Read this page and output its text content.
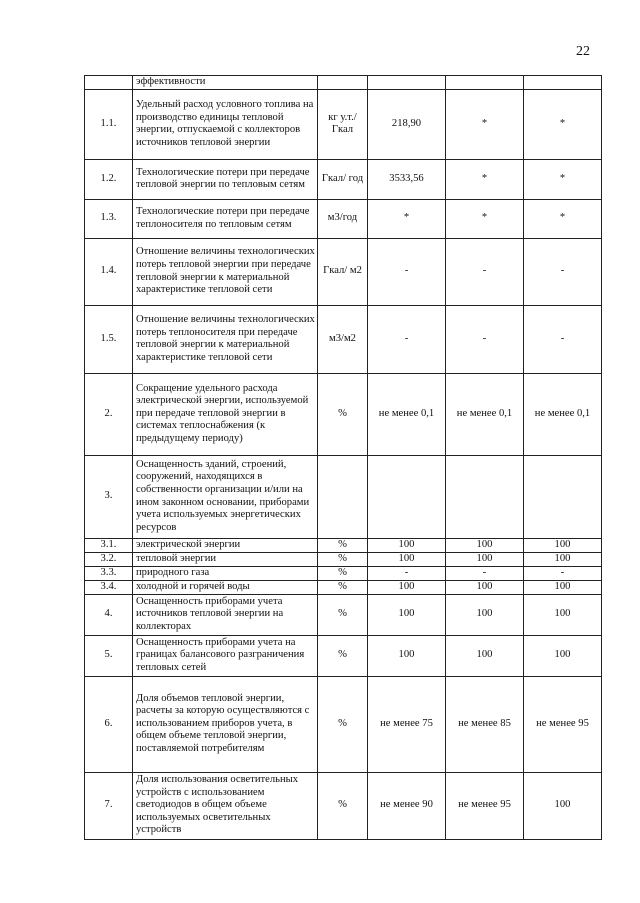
22
	эффективности				
1.1.	Удельный расход условного топлива на производство единицы тепловой энергии, отпускаемой с коллекторов источников тепловой энергии	кг у.т./ Гкал	218,90	*	*
1.2.	Технологические потери при передаче тепловой энергии по тепловым сетям	Гкал/ год	3533,56	*	*
1.3.	Технологические потери при передаче теплоносителя по тепловым сетям	м3/год	*	*	*
1.4.	Отношение величины технологических потерь тепловой энергии при передаче тепловой энергии к материальной характеристике тепловой сети	Гкал/ м2	-	-	-
1.5.	Отношение величины технологических потерь теплоносителя при передаче тепловой энергии к материальной характеристике тепловой сети	м3/м2	-	-	-
2.	Сокращение удельного расхода электрической энергии, используемой при передаче тепловой энергии в системах теплоснабжения (к предыдущему периоду)	%	не менее 0,1	не менее 0,1	не менее 0,1
3.	Оснащенность зданий, строений, сооружений, находящихся в собственности организации и/или на ином законном основании, приборами учета используемых энергетических ресурсов				
3.1.	электрической энергии	%	100	100	100
3.2.	тепловой энергии	%	100	100	100
3.3.	природного газа	%	-	-	-
3.4.	холодной и горячей воды	%	100	100	100
4.	Оснащенность приборами учета источников тепловой энергии на коллекторах	%	100	100	100
5.	Оснащенность приборами учета на границах балансового разграничения тепловых сетей	%	100	100	100
6.	Доля объемов тепловой энергии, расчеты за которую осуществляются с использованием приборов учета, в общем объеме тепловой энергии, поставляемой потребителям	%	не менее 75	не менее 85	не менее 95
7.	Доля использования осветительных устройств с использованием светодиодов в общем объеме используемых осветительных устройств	%	не менее 90	не менее 95	100
